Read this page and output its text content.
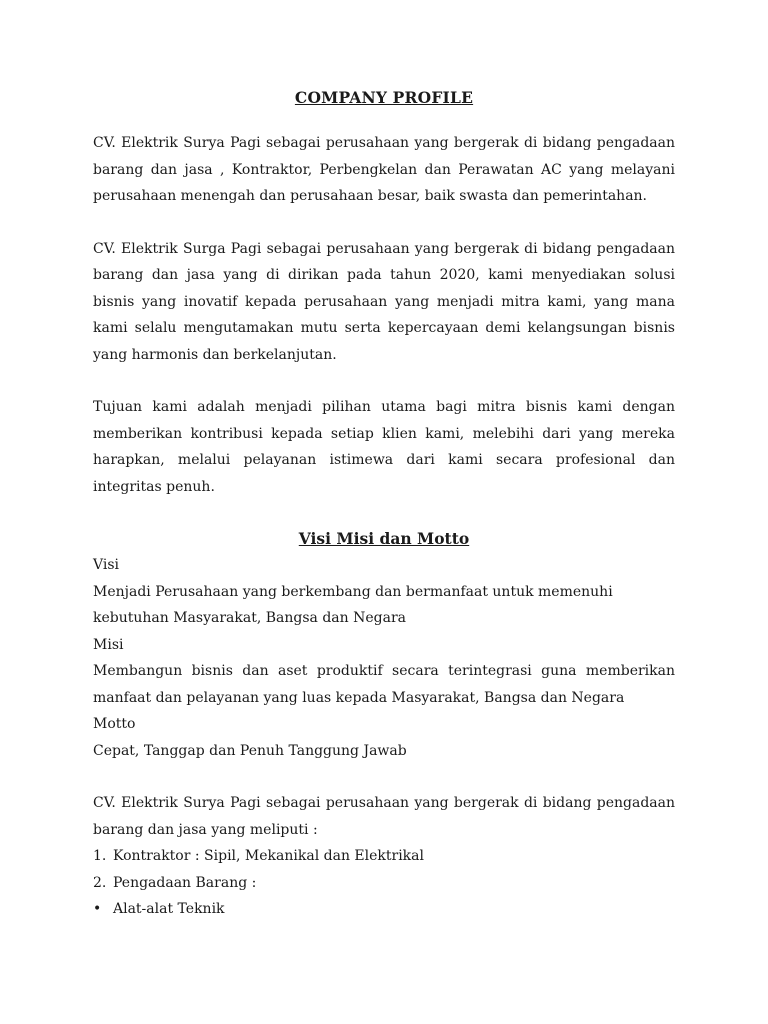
COMPANY PROFILE

CV. Elektrik Surya Pagi sebagai perusahaan yang bergerak di bidang pengadaan barang dan jasa , Kontraktor, Perbengkelan dan Perawatan AC yang melayani perusahaan menengah dan perusahaan besar, baik swasta dan pemerintahan.

CV. Elektrik Surga Pagi sebagai perusahaan yang bergerak di bidang pengadaan barang dan jasa yang di dirikan pada tahun 2020, kami menyediakan solusi bisnis yang inovatif kepada perusahaan yang menjadi mitra kami, yang mana kami selalu mengutamakan mutu serta kepercayaan demi kelangsungan bisnis yang harmonis dan berkelanjutan.

Tujuan kami adalah menjadi pilihan utama bagi mitra bisnis kami dengan memberikan kontribusi kepada setiap klien kami, melebihi dari yang mereka harapkan, melalui pelayanan istimewa dari kami secara profesional dan integritas penuh.

Visi Misi dan Motto

Visi

Menjadi Perusahaan yang berkembang dan bermanfaat untuk memenuhi kebutuhan Masyarakat, Bangsa dan Negara

Misi

Membangun bisnis dan aset produktif secara terintegrasi guna memberikan manfaat dan pelayanan yang luas kepada Masyarakat, Bangsa dan Negara

Motto

Cepat, Tanggap dan Penuh Tanggung Jawab

CV. Elektrik Surya Pagi sebagai perusahaan yang bergerak di bidang pengadaan barang dan jasa yang meliputi :

1. Kontraktor : Sipil, Mekanikal dan Elektrikal
2. Pengadaan Barang :
• Alat-alat Teknik
